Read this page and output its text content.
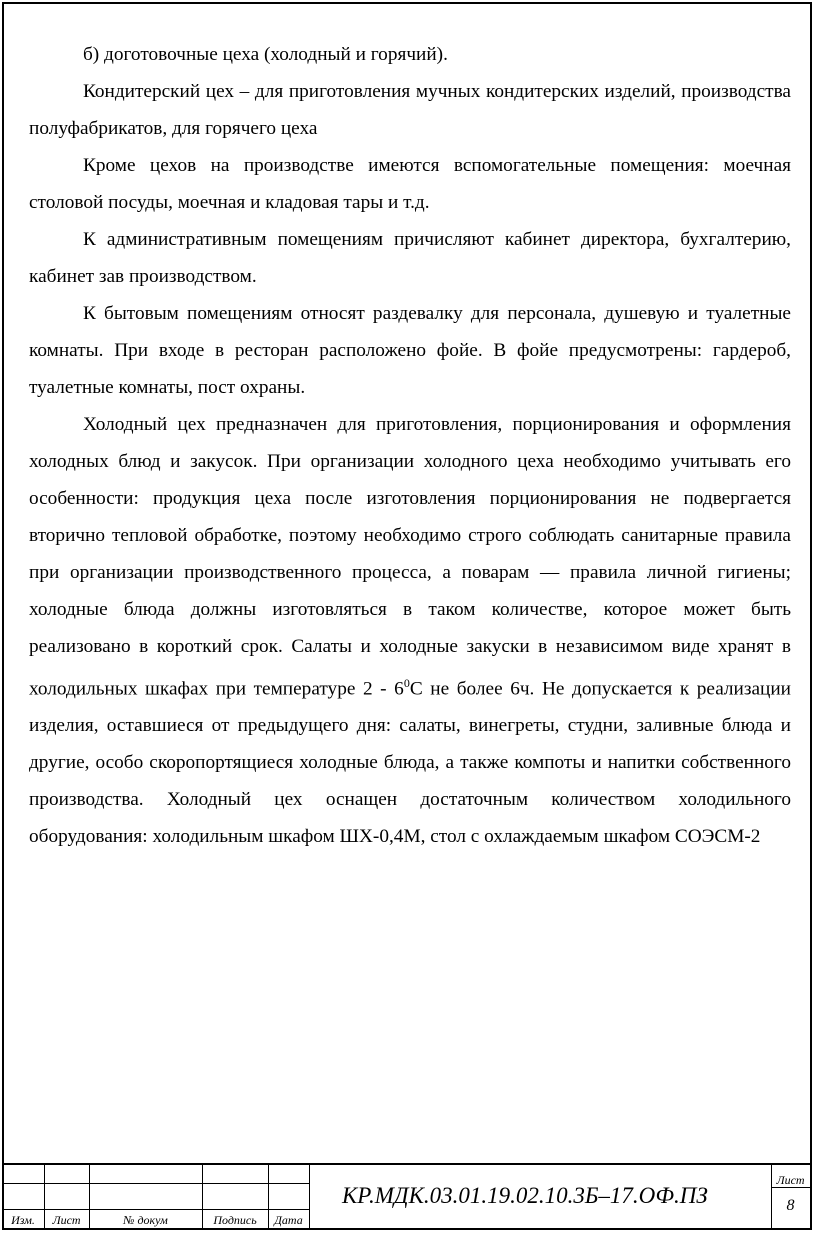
б) доготовочные цеха (холодный и горячий).

Кондитерский цех – для приготовления мучных кондитерских изделий, производства полуфабрикатов, для горячего цеха

Кроме цехов на производстве имеются вспомогательные помещения: моечная столовой посуды, моечная и кладовая тары и т.д.

К административным помещениям причисляют кабинет директора, бухгалтерию, кабинет зав производством.

К бытовым помещениям относят раздевалку для персонала, душевую и туалетные комнаты. При входе в ресторан расположено фойе. В фойе предусмотрены: гардероб, туалетные комнаты, пост охраны.

Холодный цех предназначен для приготовления, порционирования и оформления холодных блюд и закусок. При организации холодного цеха необходимо учитывать его особенности: продукция цеха после изготовления порционирования не подвергается вторично тепловой обработке, поэтому необходимо строго соблюдать санитарные правила при организации производственного процесса, а поварам — правила личной гигиены; холодные блюда должны изготовляться в таком количестве, которое может быть реализовано в короткий срок. Салаты и холодные закуски в независимом виде хранят в холодильных шкафах при температуре $2 - 6^0С$ не более 6ч. Не допускается к реализации изделия, оставшиеся от предыдущего дня: салаты, винегреты, студни, заливные блюда и другие, особо скоропортящиеся холодные блюда, а также компоты и напитки собственного производства. Холодный цех оснащен достаточным количеством холодильного оборудования: холодильным шкафом ШХ-0,4М, стол с охлаждаемым шкафом СОЭСМ-2

Изм.	Лист	№ докум	Подпись	Дата
КР.МДК.03.01.19.02.10.3Б–17.ОФ.ПЗ
Лист
8
